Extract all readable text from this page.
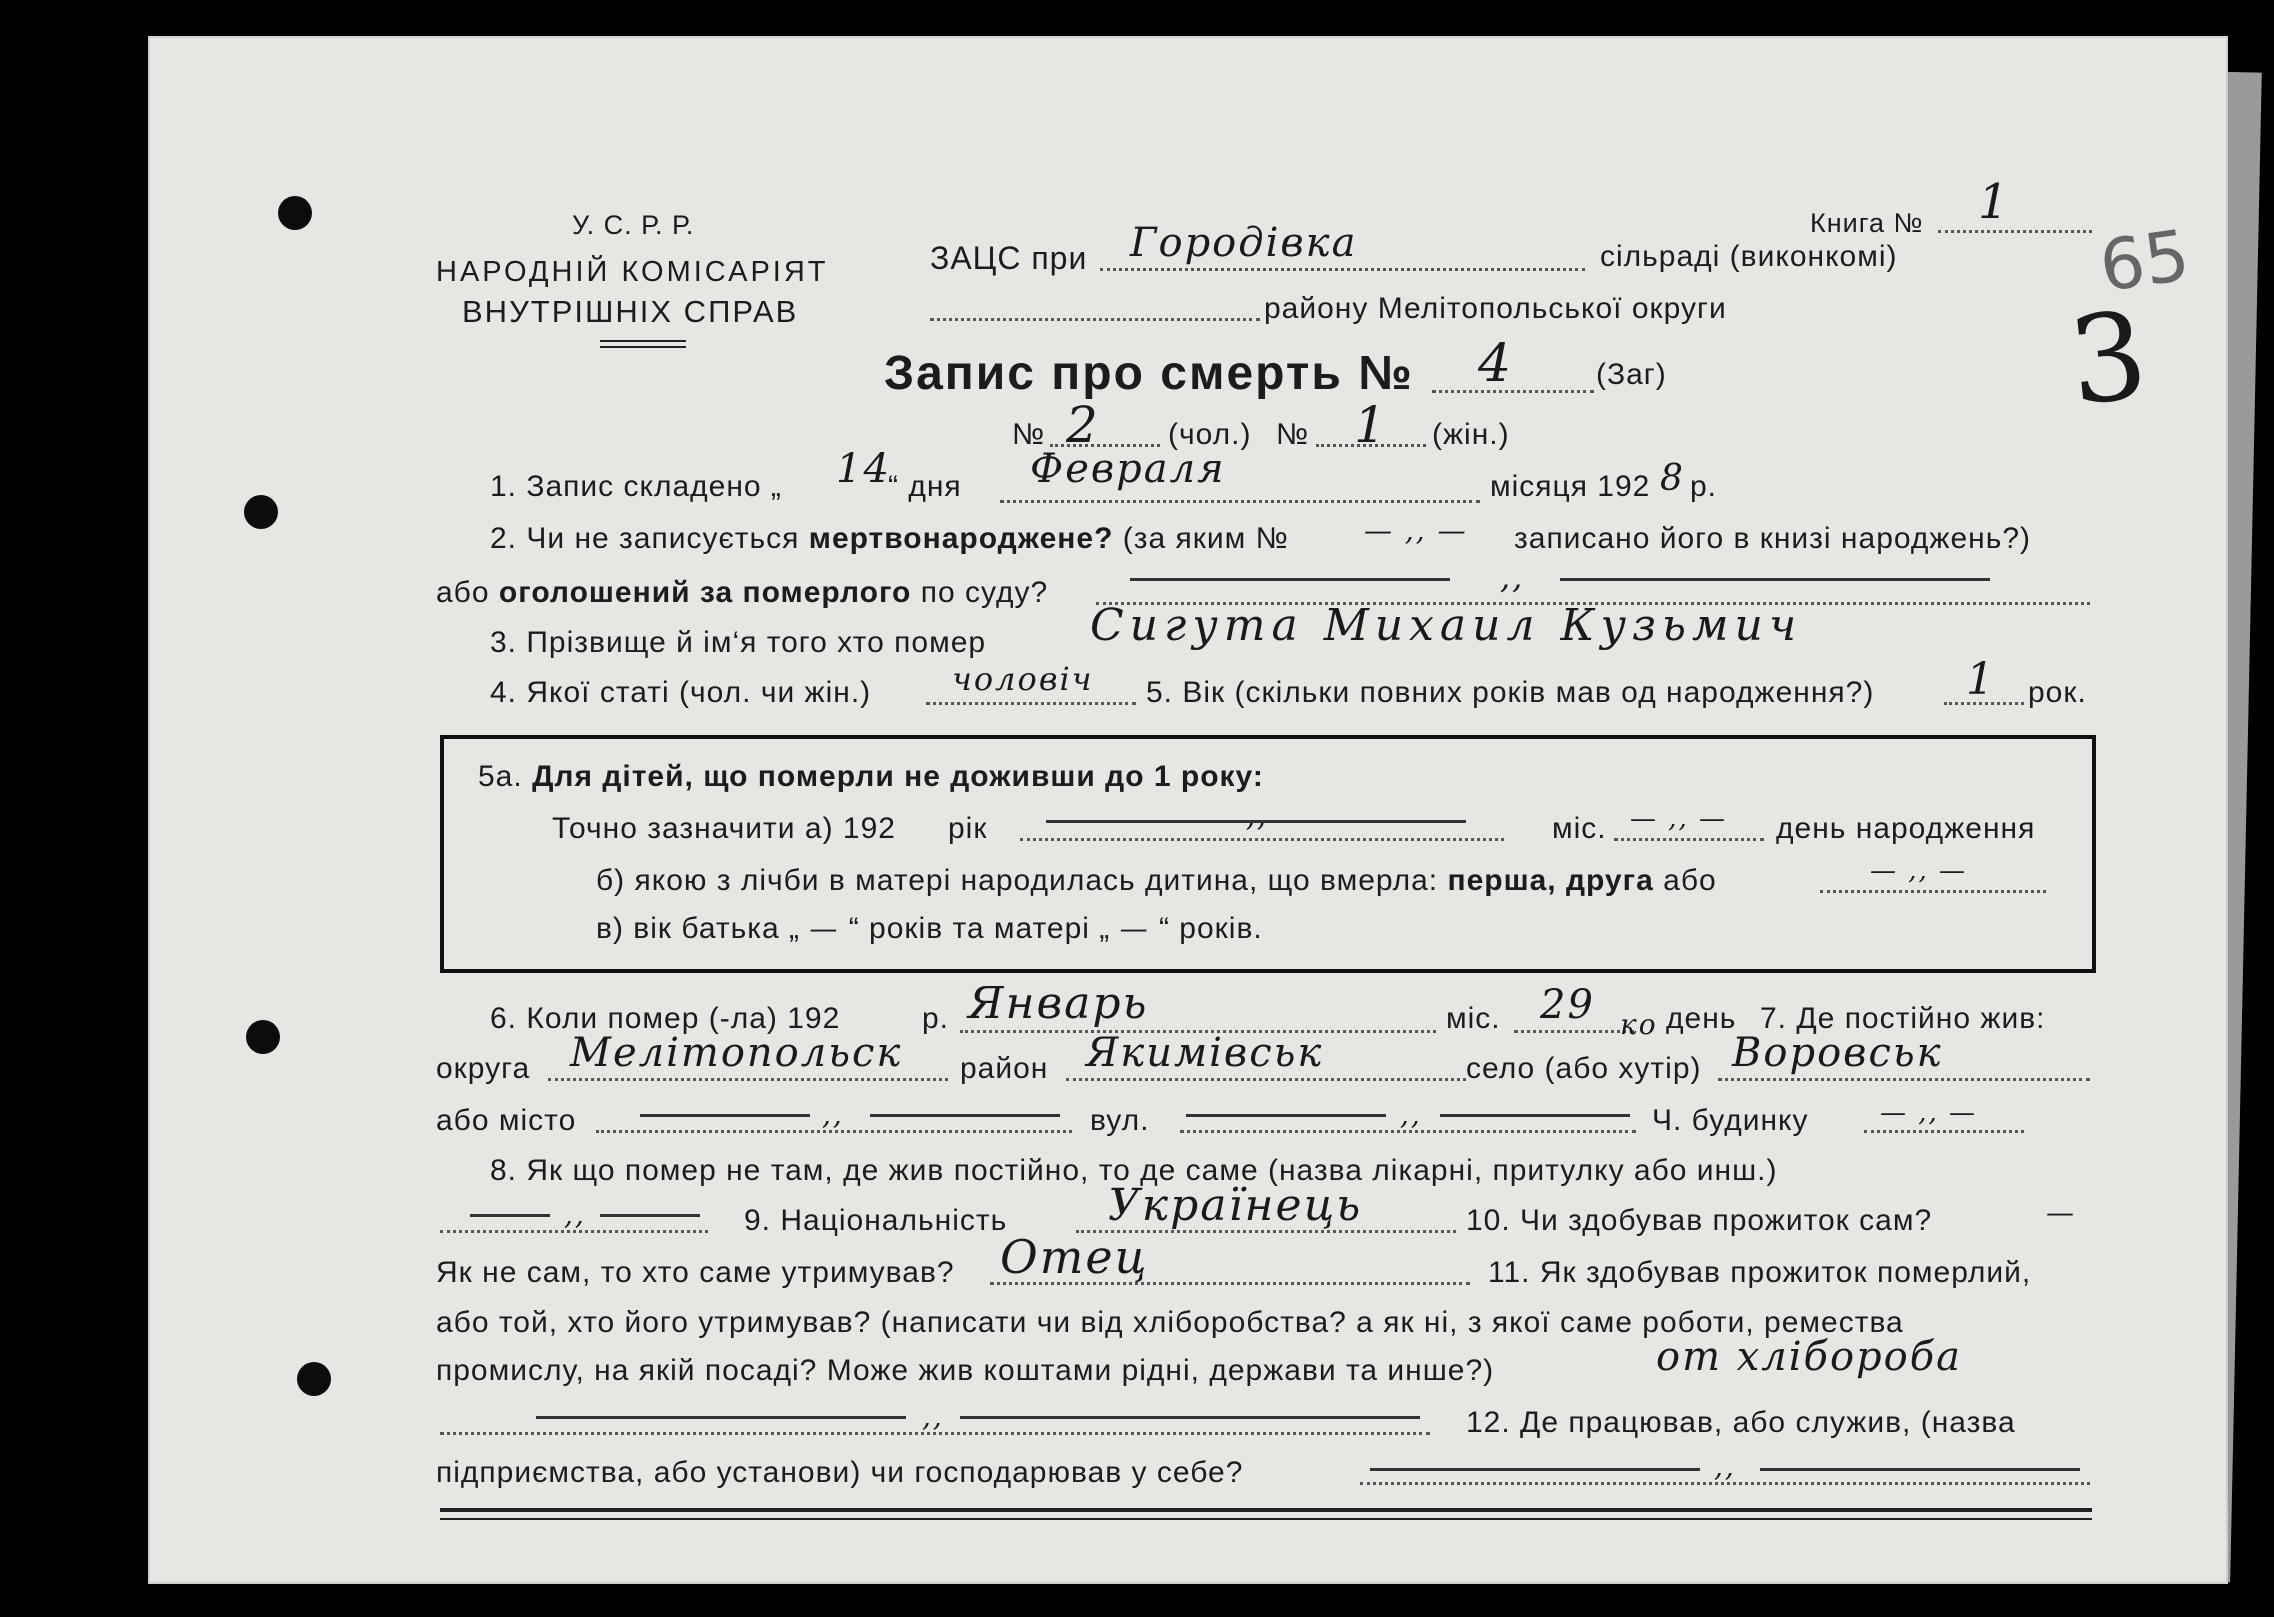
У. С. Р. Р.
НАРОДНІЙ КОМІСАРІЯТ
ВНУТРІШНІХ СПРАВ
ЗАЦС при Городівка	сільраді (виконкомі)
району Мелітопольської округи
Книга № 1
65
3
Запис про смерть № 4	(Заг)
№ 2 (чол.) № 1 (жін.)
1. Запис складено „ 14
“ дня Февраля	місяця 192 8 р.
2. Чи не записується мертвонароджене? (за яким №	— ,, — записано його в книзі народжень?)
або оголошений за померлого по суду?	,,
3. Прізвище й ім‘я того хто помер Сигута Михаил Кузьмич
4. Якої статі (чол. чи жін.)	чоловіч 5. Вік (скільки повних років мав од народження?) 1 рок.
5а. Для дітей, що померли не доживши до 1 року:
Точно зазначити а) 192 рік	,,	міс. — ,, — день народження
б) якою з лічби в матері народилась дитина, що вмерла: перша, друга або	— ,, —
в) вік батька „ — “ років та матері „ — “ років.
6. Коли помер (-ла) 192	р. Январь	міс. 29 день 7. Де постійно жив:
округа Мелітопольск район Якимівськ	село (або хутір)
ко
Воровськ
або місто	,,	вул.	,,	Ч. будинку	— ,, —
8. Як що помер не там, де жив постійно, то де саме (назва лікарні, притулку або инш.)
,,	9. Національність Українець	10. Чи здобував прожиток сам?	—
Як не сам, то хто саме утримував? Отец	11. Як здобував прожиток померлий,
або той, хто його утримував? (написати чи від хліборобства? а як ні, з якої саме роботи, ремества
промислу, на якій посаді? Може жив коштами рідні, держави та инше?)	от хлібороба
,,	12. Де працював, або служив, (назва
підприємства, або установи) чи господарював у себе?	,,
